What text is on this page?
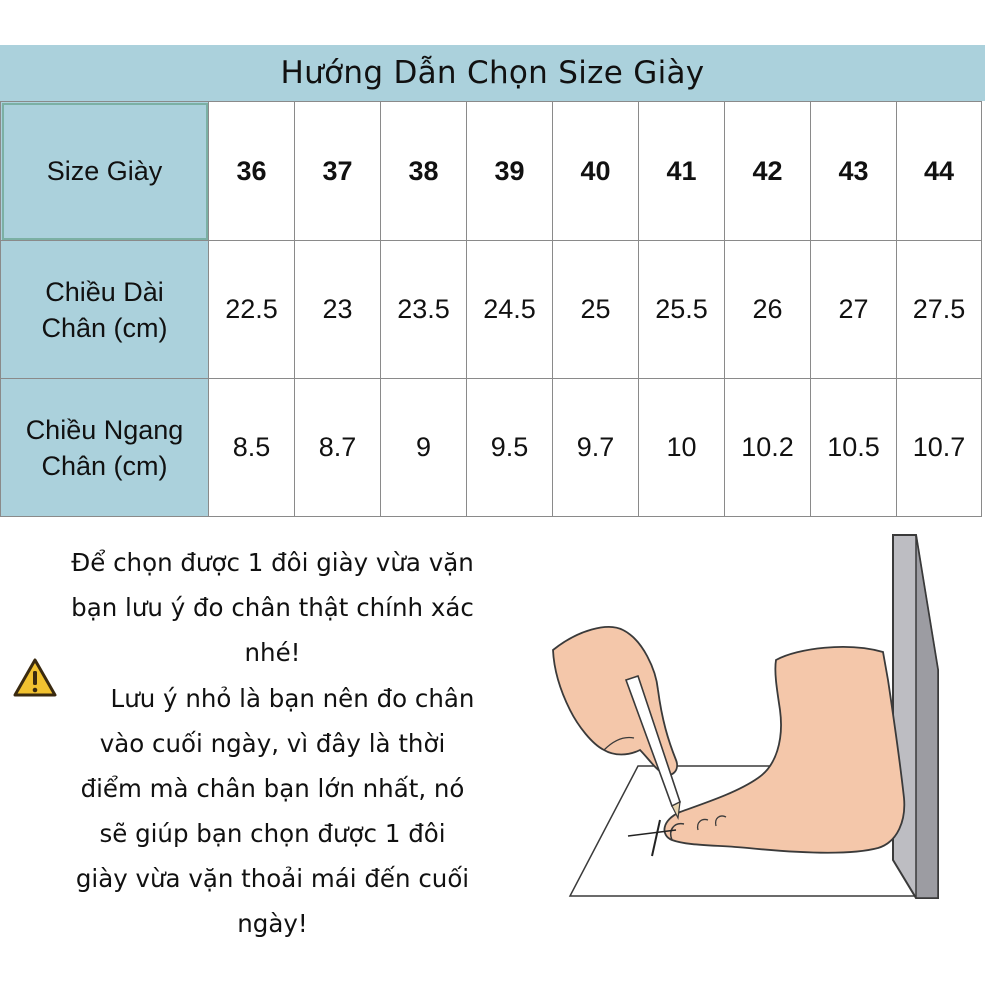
Hướng Dẫn Chọn Size Giày
Size Giày	36	37	38	39	40	41	42	43	44
Chiều Dài
Chân (cm)	22.5	23	23.5	24.5	25	25.5	26	27	27.5
Chiều Ngang
Chân (cm)	8.5	8.7	9	9.5	9.7	10	10.2	10.5	10.7

Để chọn được 1 đôi giày vừa vặn

bạn lưu ý đo chân thật chính xác

nhé!

Lưu ý nhỏ là bạn nên đo chân

vào cuối ngày, vì đây là thời

điểm mà chân bạn lớn nhất, nó

sẽ giúp bạn chọn được 1 đôi

giày vừa vặn thoải mái đến cuối

ngày!
